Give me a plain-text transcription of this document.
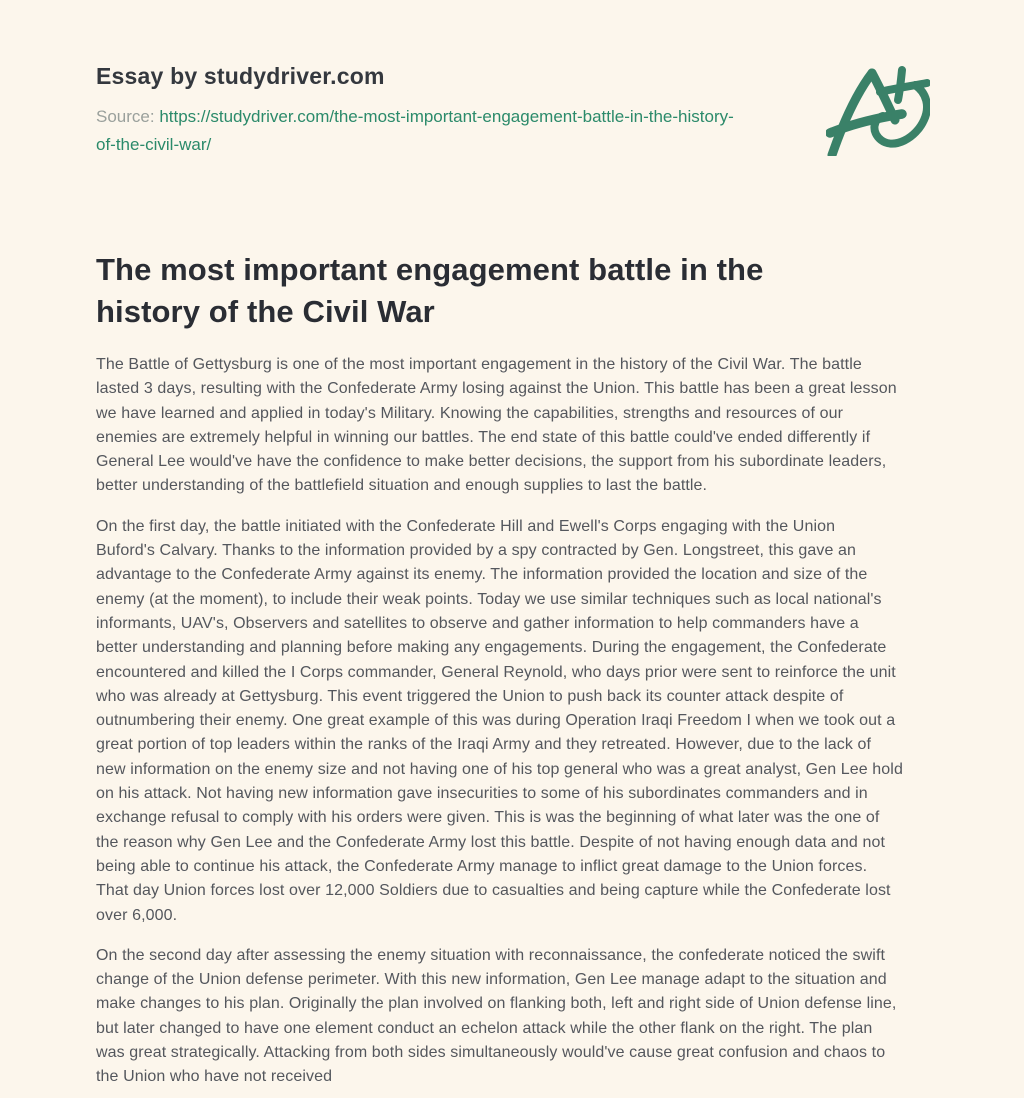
Essay by studydriver.com

Source: https://studydriver.com/the-most-important-engagement-battle-in-the-history-of-the-civil-war/

The most important engagement battle in the history of the Civil War

The Battle of Gettysburg is one of the most important engagement in the history of the Civil War. The battle
lasted 3 days, resulting with the Confederate Army losing against the Union. This battle has been a great lesson
we have learned and applied in today's Military. Knowing the capabilities, strengths and resources of our
enemies are extremely helpful in winning our battles. The end state of this battle could've ended differently if
General Lee would've have the confidence to make better decisions, the support from his subordinate leaders,
better understanding of the battlefield situation and enough supplies to last the battle.

On the first day, the battle initiated with the Confederate Hill and Ewell's Corps engaging with the Union
Buford's Calvary. Thanks to the information provided by a spy contracted by Gen. Longstreet, this gave an
advantage to the Confederate Army against its enemy. The information provided the location and size of the
enemy (at the moment), to include their weak points. Today we use similar techniques such as local national's
informants, UAV's, Observers and satellites to observe and gather information to help commanders have a
better understanding and planning before making any engagements. During the engagement, the Confederate
encountered and killed the I Corps commander, General Reynold, who days prior were sent to reinforce the unit
who was already at Gettysburg. This event triggered the Union to push back its counter attack despite of
outnumbering their enemy. One great example of this was during Operation Iraqi Freedom I when we took out a
great portion of top leaders within the ranks of the Iraqi Army and they retreated. However, due to the lack of
new information on the enemy size and not having one of his top general who was a great analyst, Gen Lee hold
on his attack. Not having new information gave insecurities to some of his subordinates commanders and in
exchange refusal to comply with his orders were given. This is was the beginning of what later was the one of
the reason why Gen Lee and the Confederate Army lost this battle. Despite of not having enough data and not
being able to continue his attack, the Confederate Army manage to inflict great damage to the Union forces.
That day Union forces lost over 12,000 Soldiers due to casualties and being capture while the Confederate lost
over 6,000.

On the second day after assessing the enemy situation with reconnaissance, the confederate noticed the swift
change of the Union defense perimeter. With this new information, Gen Lee manage adapt to the situation and
make changes to his plan. Originally the plan involved on flanking both, left and right side of Union defense line,
but later changed to have one element conduct an echelon attack while the other flank on the right. The plan
was great strategically. Attacking from both sides simultaneously would've cause great confusion and chaos to
the Union who have not received
